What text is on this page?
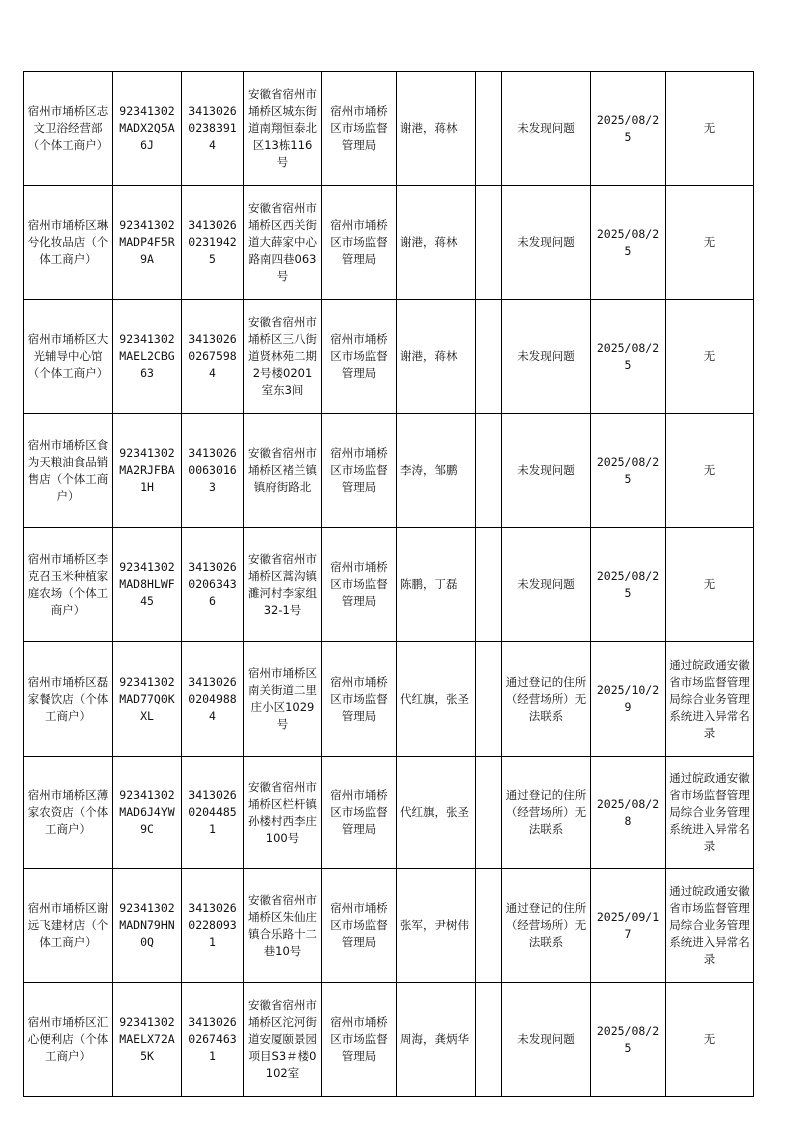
宿州市埇桥区志文卫浴经营部（个体工商户）	92341302MADX2Q5A6J	341302602383914	安徽省宿州市埇桥区城东街道南翔恒泰北区13栋116号	宿州市埇桥区市场监督管理局	谢港，蒋林		未发现问题	2025/08/25	无
宿州市埇桥区琳兮化妆品店（个体工商户）	92341302MADP4F5R9A	341302602319425	安徽省宿州市埇桥区西关街道大薛家中心路南四巷063号	宿州市埇桥区市场监督管理局	谢港，蒋林		未发现问题	2025/08/25	无
宿州市埇桥区大光辅导中心馆（个体工商户）	92341302MAEL2CBG63	341302602675984	安徽省宿州市埇桥区三八街道贤林苑二期2号楼0201室东3间	宿州市埇桥区市场监督管理局	谢港，蒋林		未发现问题	2025/08/25	无
宿州市埇桥区食为天粮油食品销售店（个体工商户）	92341302MA2RJFBA1H	341302600630163	安徽省宿州市埇桥区褚兰镇镇府街路北	宿州市埇桥区市场监督管理局	李涛，邹鹏		未发现问题	2025/08/25	无
宿州市埇桥区李克召玉米种植家庭农场（个体工商户）	92341302MAD8HLWF45	341302602063436	安徽省宿州市埇桥区蒿沟镇濉河村李家组32-1号	宿州市埇桥区市场监督管理局	陈鹏，丁磊		未发现问题	2025/08/25	无
宿州市埇桥区磊家餐饮店（个体工商户）	92341302MAD77Q0KXL	341302602049884	宿州市埇桥区南关街道二里庄小区1029号	宿州市埇桥区市场监督管理局	代红旗，张圣		通过登记的住所（经营场所）无法联系	2025/10/29	通过皖政通安徽省市场监督管理局综合业务管理系统进入异常名录
宿州市埇桥区薄家农资店（个体工商户）	92341302MAD6J4YW9C	341302602044851	安徽省宿州市埇桥区栏杆镇孙楼村西李庄100号	宿州市埇桥区市场监督管理局	代红旗，张圣		通过登记的住所（经营场所）无法联系	2025/08/28	通过皖政通安徽省市场监督管理局综合业务管理系统进入异常名录
宿州市埇桥区谢远飞建材店（个体工商户）	92341302MADN79HN0Q	341302602280931	安徽省宿州市埇桥区朱仙庄镇合乐路十二巷10号	宿州市埇桥区市场监督管理局	张军，尹树伟		通过登记的住所（经营场所）无法联系	2025/09/17	通过皖政通安徽省市场监督管理局综合业务管理系统进入异常名录
宿州市埇桥区汇心便利店（个体工商户）	92341302MAELX72A5K	341302602674631	安徽省宿州市埇桥区沱河街道安厦颐景园项目S3＃楼0102室	宿州市埇桥区市场监督管理局	周海，龚炳华		未发现问题	2025/08/25	无
